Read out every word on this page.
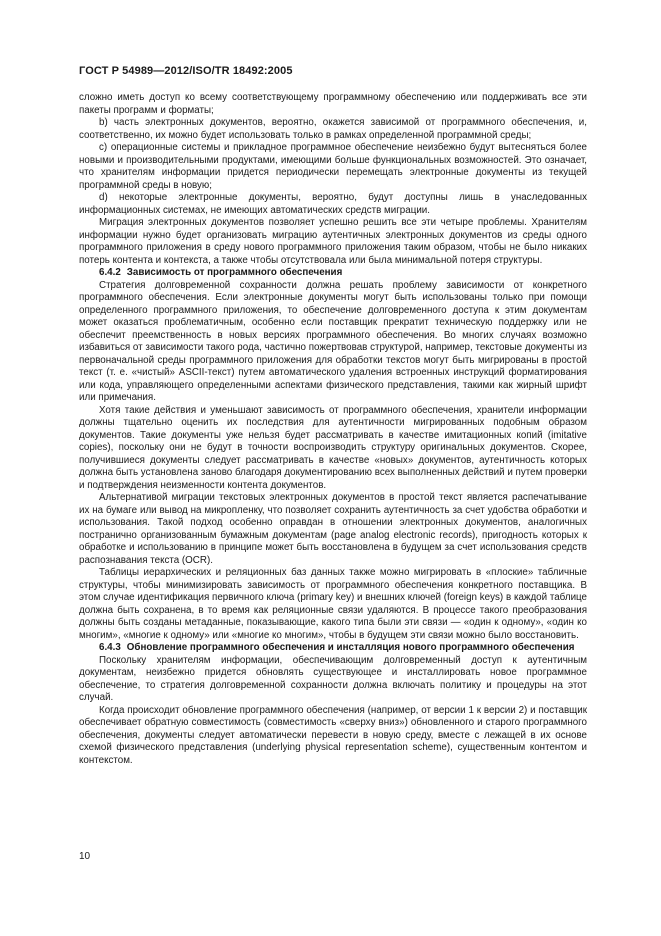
ГОСТ Р 54989—2012/ISO/TR 18492:2005

сложно иметь доступ ко всему соответствующему программному обеспечению или поддерживать все эти пакеты программ и форматы;

b) часть электронных документов, вероятно, окажется зависимой от программного обеспечения, и, соответственно, их можно будет использовать только в рамках определенной программной среды;

c) операционные системы и прикладное программное обеспечение неизбежно будут вытесняться более новыми и производительными продуктами, имеющими больше функциональных возможностей. Это означает, что хранителям информации придется периодически перемещать электронные документы из текущей программной среды в новую;

d) некоторые электронные документы, вероятно, будут доступны лишь в унаследованных информационных системах, не имеющих автоматических средств миграции.

Миграция электронных документов позволяет успешно решить все эти четыре проблемы. Хранителям информации нужно будет организовать миграцию аутентичных электронных документов из среды одного программного приложения в среду нового программного приложения таким образом, чтобы не было никаких потерь контента и контекста, а также чтобы отсутствовала или была минимальной потеря структуры.

6.4.2 Зависимость от программного обеспечения

Стратегия долговременной сохранности должна решать проблему зависимости от конкретного программного обеспечения. Если электронные документы могут быть использованы только при помощи определенного программного приложения, то обеспечение долговременного доступа к этим документам может оказаться проблематичным, особенно если поставщик прекратит техническую поддержку или не обеспечит преемственность в новых версиях программного обеспечения. Во многих случаях возможно избавиться от зависимости такого рода, частично пожертвовав структурой, например, текстовые документы из первоначальной среды программного приложения для обработки текстов могут быть мигрированы в простой текст (т. е. «чистый» ASCII-текст) путем автоматического удаления встроенных инструкций форматирования или кода, управляющего определенными аспектами физического представления, такими как жирный шрифт или примечания.

Хотя такие действия и уменьшают зависимость от программного обеспечения, хранители информации должны тщательно оценить их последствия для аутентичности мигрированных подобным образом документов. Такие документы уже нельзя будет рассматривать в качестве имитационных копий (imitative copies), поскольку они не будут в точности воспроизводить структуру оригинальных документов. Скорее, получившиеся документы следует рассматривать в качестве «новых» документов, аутентичность которых должна быть установлена заново благодаря документированию всех выполненных действий и путем проверки и подтверждения неизменности контента документов.

Альтернативой миграции текстовых электронных документов в простой текст является распечатывание их на бумаге или вывод на микропленку, что позволяет сохранить аутентичность за счет удобства обработки и использования. Такой подход особенно оправдан в отношении электронных документов, аналогичных постранично организованным бумажным документам (page analog electronic records), пригодность которых к обработке и использованию в принципе может быть восстановлена в будущем за счет использования средств распознавания текста (OCR).

Таблицы иерархических и реляционных баз данных также можно мигрировать в «плоские» табличные структуры, чтобы минимизировать зависимость от программного обеспечения конкретного поставщика. В этом случае идентификация первичного ключа (primary key) и внешних ключей (foreign keys) в каждой таблице должна быть сохранена, в то время как реляционные связи удаляются. В процессе такого преобразования должны быть созданы метаданные, показывающие, какого типа были эти связи — «один к одному», «один ко многим», «многие к одному» или «многие ко многим», чтобы в будущем эти связи можно было восстановить.

6.4.3 Обновление программного обеспечения и инсталляция нового программного обеспечения

Поскольку хранителям информации, обеспечивающим долговременный доступ к аутентичным документам, неизбежно придется обновлять существующее и инсталлировать новое программное обеспечение, то стратегия долговременной сохранности должна включать политику и процедуры на этот случай.

Когда происходит обновление программного обеспечения (например, от версии 1 к версии 2) и поставщик обеспечивает обратную совместимость (совместимость «сверху вниз») обновленного и старого программного обеспечения, документы следует автоматически перевести в новую среду, вместе с лежащей в их основе схемой физического представления (underlying physical representation scheme), существенным контентом и контекстом.

10
